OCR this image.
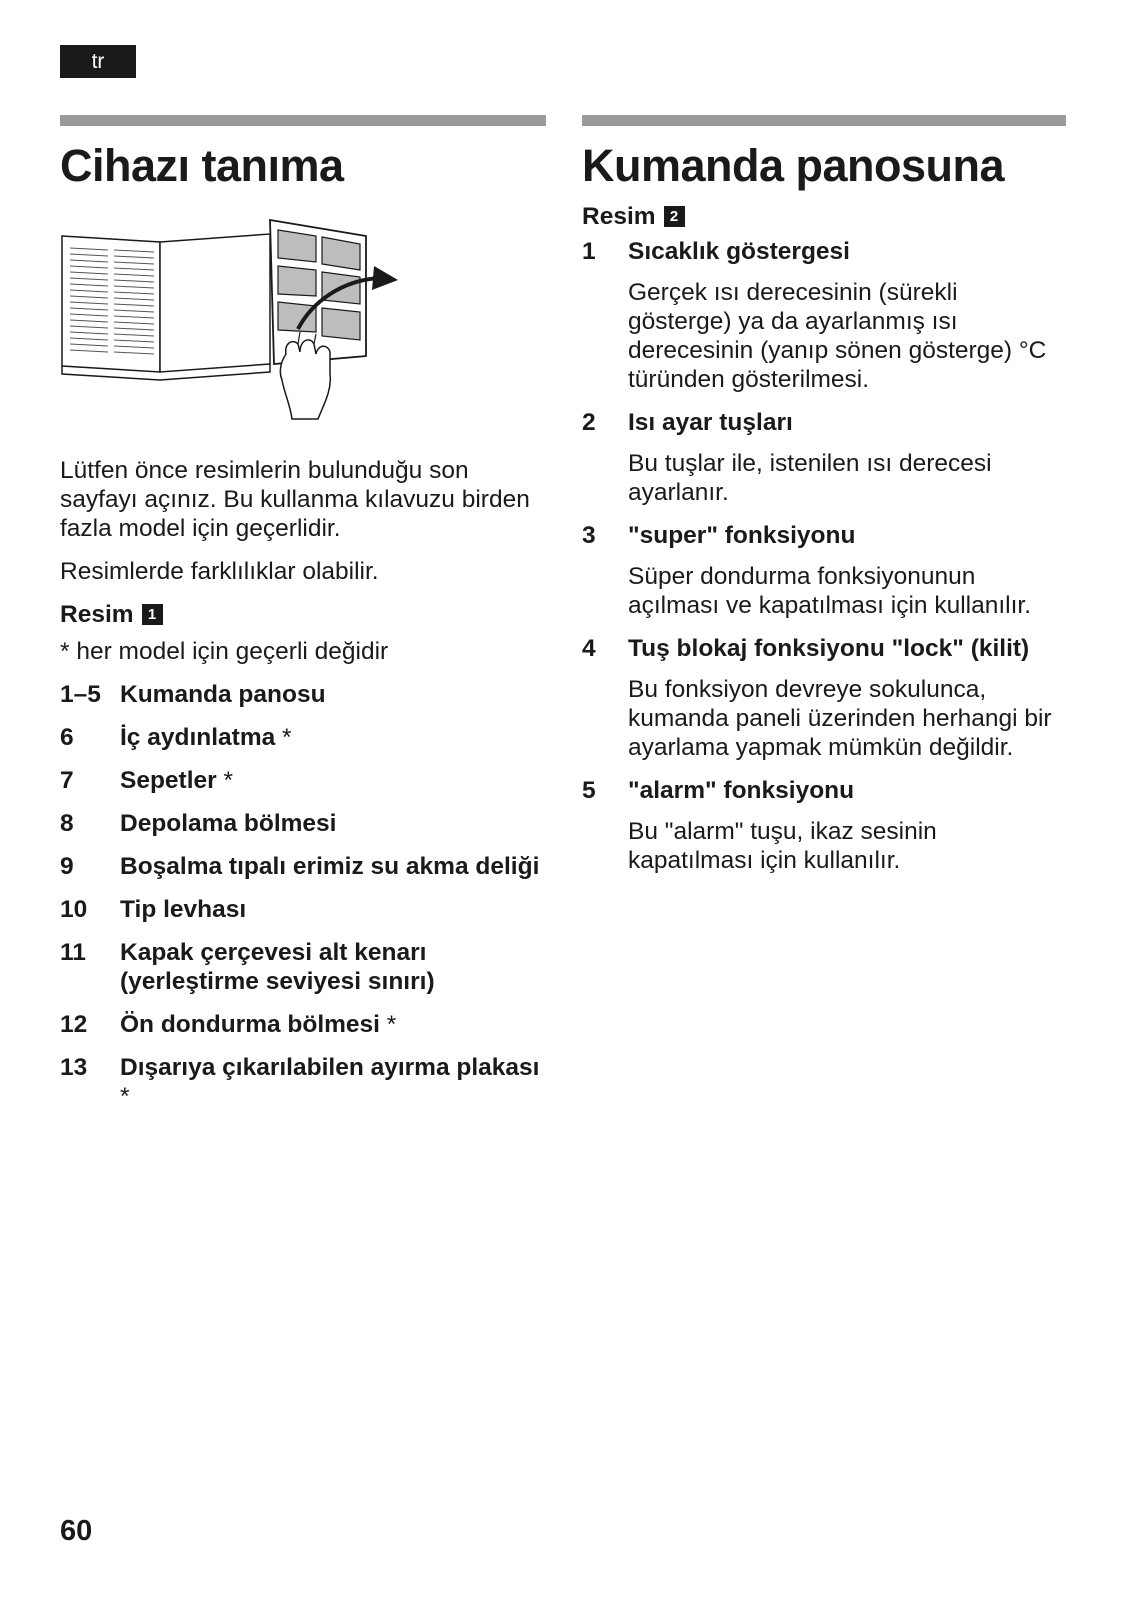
tr
Cihazı tanıma

Lütfen önce resimlerin bulunduğu son sayfayı açınız. Bu kullanma kılavuzu birden fazla model için geçerlidir.

Resimlerde farklılıklar olabilir.

Resim 1
* her model için geçerli değidir
1–5 Kumanda panosu
6	İç aydınlatma *
7	Sepetler *
8	Depolama bölmesi
9	Boşalma tıpalı erimiz su akma deliği
10	Tip levhası
11	Kapak çerçevesi alt kenarı (yerleştirme seviyesi sınırı)
12	Ön dondurma bölmesi *
13	Dışarıya çıkarılabilen ayırma plakası *
Kumanda panosuna
Resim 2
1	Sıcaklık göstergesi
Gerçek ısı derecesinin (sürekli gösterge) ya da ayarlanmış ısı derecesinin (yanıp sönen gösterge) °C türünden gösterilmesi.
2	Isı ayar tuşları
Bu tuşlar ile, istenilen ısı derecesi ayarlanır.
3	"super" fonksiyonu
Süper dondurma fonksiyonunun açılması ve kapatılması için kullanılır.
4	Tuş blokaj fonksiyonu "lock" (kilit)
Bu fonksiyon devreye sokulunca, kumanda paneli üzerinden herhangi bir ayarlama yapmak mümkün değildir.
5	"alarm" fonksiyonu
Bu "alarm" tuşu, ikaz sesinin kapatılması için kullanılır.
60
